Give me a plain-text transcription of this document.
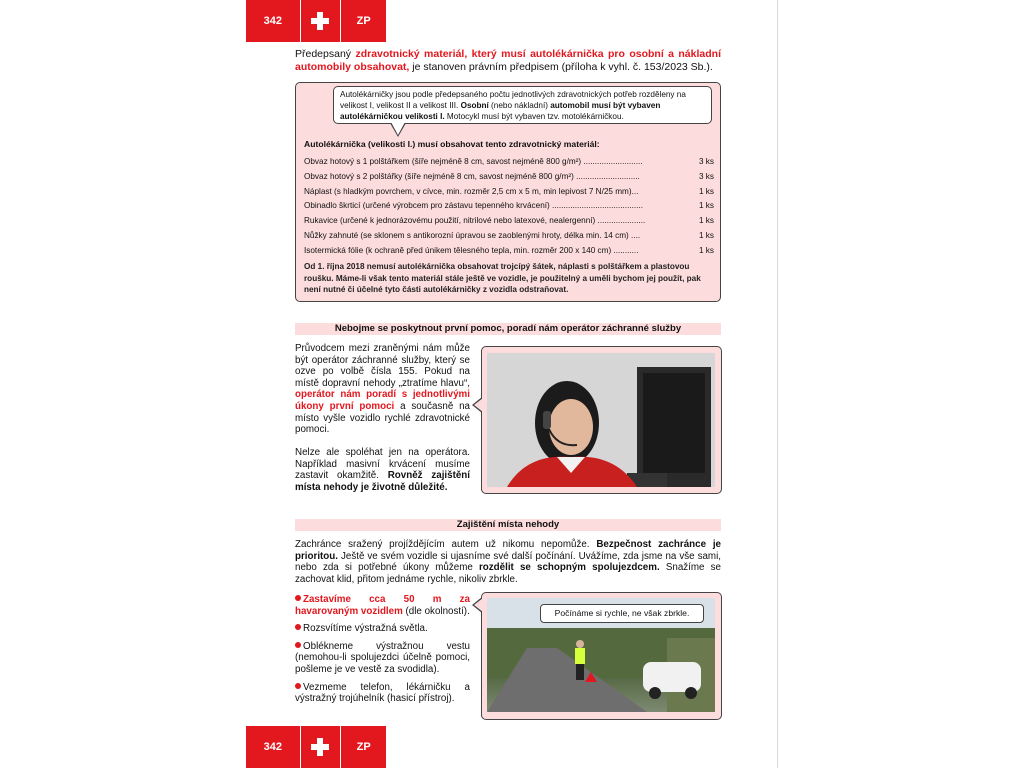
342	ZP
Předepsaný zdravotnický materiál, který musí autolékárnička pro osobní a nákladní automobily obsahovat, je stanoven právním předpisem (příloha k vyhl. č. 153/2023 Sb.).
Autolékárničky jsou podle předepsaného počtu jednotlivých zdravotnických potřeb rozděleny na velikost I, velikost II a velikost III. Osobní (nebo nákladní) automobil musí být vybaven autolékárničkou velikosti I. Motocykl musí být vybaven tzv. motolékárničkou.
Autolékárnička (velikosti I.) musí obsahovat tento zdravotnický materiál:
Obvaz hotový s 1 polštářkem (šíře nejméně 8 cm, savost nejméně 800 g/m²) ..........................	3 ks
Obvaz hotový s 2 polštářky (šíře nejméně 8 cm, savost nejméně 800 g/m²) ............................	3 ks
Náplast (s hladkým povrchem, v cívce, min. rozměr 2,5 cm x 5 m, min lepivost 7 N/25 mm)...	1 ks
Obinadlo škrticí (určené výrobcem pro zástavu tepenného krvácení) ........................................	1 ks
Rukavice (určené k jednorázovému použití, nitrilové nebo latexové, nealergenní) .....................	1 ks
Nůžky zahnuté (se sklonem s antikorozní úpravou se zaoblenými hroty, délka min. 14 cm) ....	1 ks
Isotermická fólie (k ochraně před únikem tělesného tepla, min. rozměr 200 x 140 cm) ...........	1 ks
Od 1. října 2018 nemusí autolékárnička obsahovat trojcípý šátek, náplasti s polštářkem a plastovou roušku. Máme-li však tento materiál stále ještě ve vozidle, je použitelný a uměli bychom jej použít, pak není nutné či účelné tyto části autolékárničky z vozidla odstraňovat.
Nebojme se poskytnout první pomoc, poradí nám operátor záchranné služby
Průvodcem mezi zraněnými nám může být operátor záchranné služby, který se ozve po volbě čísla 155. Pokud na místě dopravní nehody „ztratíme hlavu“, operátor nám poradí s jednotlivými úkony první pomoci a současně na místo vyšle vozidlo rychlé zdravotnické pomoci.
Nelze ale spoléhat jen na operátora. Například masivní krvácení musíme zastavit okamžitě. Rovněž zajištění místa nehody je životně důležité.
Zajištění místa nehody
Zachránce sražený projíždějícím autem už nikomu nepomůže. Bezpečnost zachránce je prioritou. Ještě ve svém vozidle si ujasníme své další počínání. Uvážíme, zda jsme na vše sami, nebo zda si potřebné úkony můžeme rozdělit se schopným spolujezdcem. Snažíme se zachovat klid, přitom jednáme rychle, nikoliv zbrkle.
Zastavíme cca 50 m za havarovaným vozidlem (dle okolností).
Rozsvítíme výstražná světla.
Oblékneme výstražnou vestu (nemohou-li spolujezdci účelně pomoci, pošleme je ve vestě za svodidla).
Vezmeme telefon, lékárničku a výstražný trojúhelník (hasicí přístroj).
Počínáme si rychle, ne však zbrkle.
342	ZP
